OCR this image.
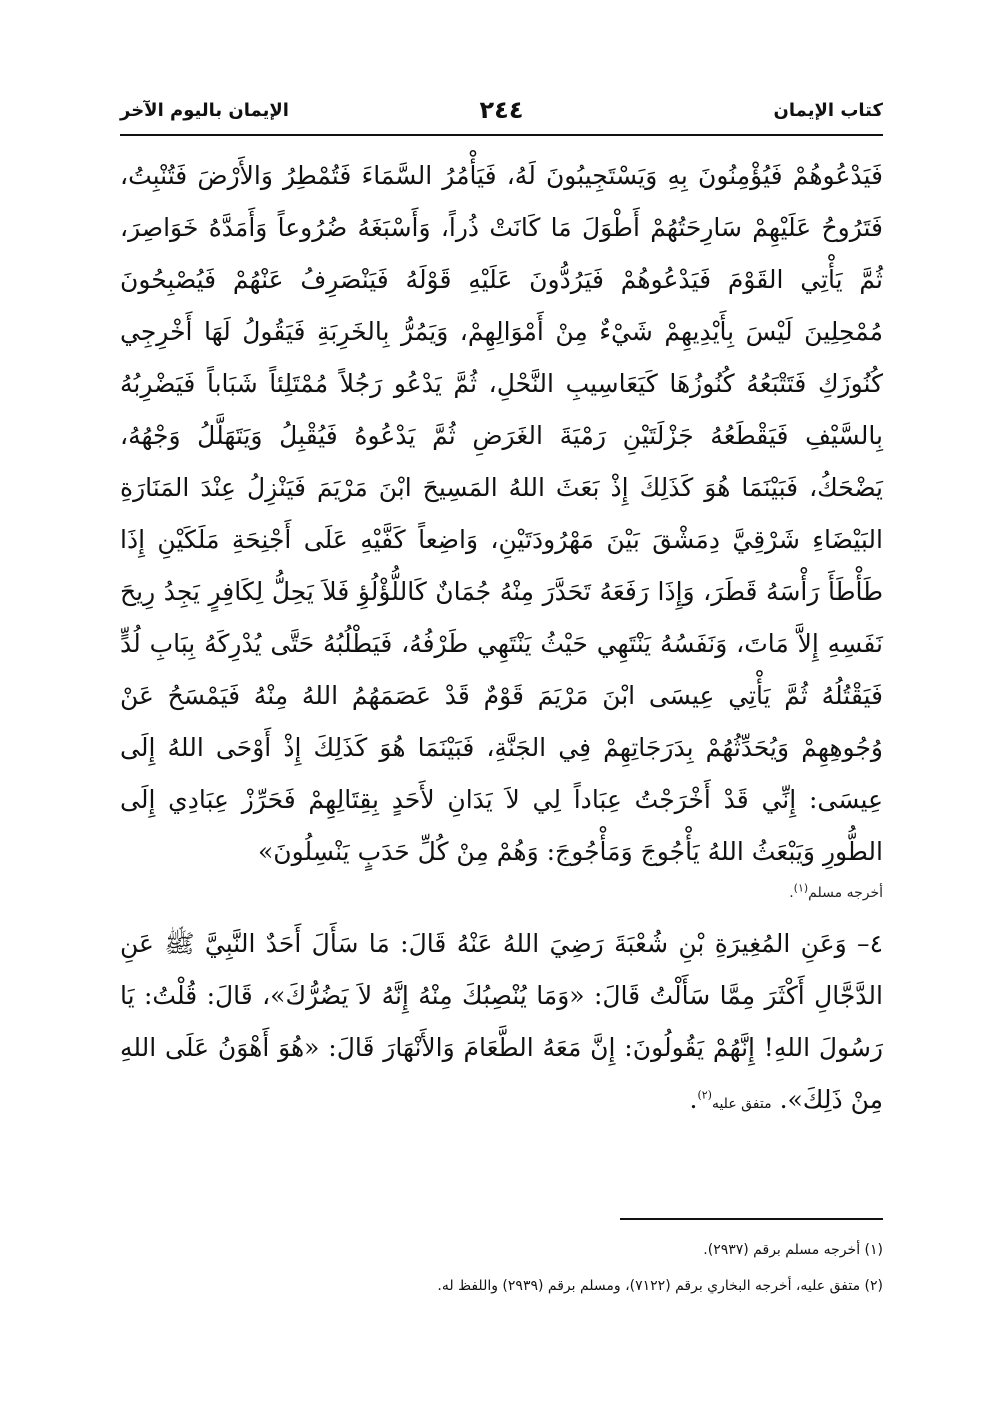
كتاب الإيمان
٢٤٤
الإيمان باليوم الآخر

فَيَدْعُوهُمْ فَيُؤْمِنُونَ بِهِ وَيَسْتَجِيبُونَ لَهُ، فَيَأْمُرُ السَّمَاءَ فَتُمْطِرُ وَالأَرْضَ فَتُنْبِتُ، فَتَرُوحُ عَلَيْهِمْ سَارِحَتُهُمْ أَطْوَلَ مَا كَانَتْ ذُراً، وَأَسْبَغَهُ ضُرُوعاً وَأَمَدَّهُ خَوَاصِرَ، ثُمَّ يَأْتِي القَوْمَ فَيَدْعُوهُمْ فَيَرُدُّونَ عَلَيْهِ قَوْلَهُ فَيَنْصَرِفُ عَنْهُمْ فَيُصْبِحُونَ مُمْحِلِينَ لَيْسَ بِأَيْدِيهِمْ شَيْءٌ مِنْ أَمْوَالِهِمْ، وَيَمُرُّ بِالخَرِبَةِ فَيَقُولُ لَهَا أَخْرِجِي كُنُوزَكِ فَتَتْبَعُهُ كُنُوزُهَا كَيَعَاسِيبِ النَّحْلِ، ثُمَّ يَدْعُو رَجُلاً مُمْتَلِئاً شَبَاباً فَيَضْرِبُهُ بِالسَّيْفِ فَيَقْطَعُهُ جَزْلَتَيْنِ رَمْيَةَ الغَرَضِ ثُمَّ يَدْعُوهُ فَيُقْبِلُ وَيَتَهَلَّلُ وَجْهُهُ، يَضْحَكُ، فَبَيْنَمَا هُوَ كَذَلِكَ إِذْ بَعَثَ اللهُ المَسِيحَ ابْنَ مَرْيَمَ فَيَنْزِلُ عِنْدَ المَنَارَةِ البَيْضَاءِ شَرْقِيَّ دِمَشْقَ بَيْنَ مَهْرُودَتَيْنِ، وَاضِعاً كَفَّيْهِ عَلَى أَجْنِحَةِ مَلَكَيْنِ إِذَا طَأْطَأَ رَأْسَهُ قَطَرَ، وَإِذَا رَفَعَهُ تَحَدَّرَ مِنْهُ جُمَانٌ كَاللُّؤْلُؤِ فَلاَ يَحِلُّ لِكَافِرٍ يَجِدُ رِيحَ نَفَسِهِ إِلاَّ مَاتَ، وَنَفَسُهُ يَنْتَهِي حَيْثُ يَنْتَهِي طَرْفُهُ، فَيَطْلُبُهُ حَتَّى يُدْرِكَهُ بِبَابِ لُدٍّ فَيَقْتُلُهُ ثُمَّ يَأْتِي عِيسَى ابْنَ مَرْيَمَ قَوْمٌ قَدْ عَصَمَهُمُ اللهُ مِنْهُ فَيَمْسَحُ عَنْ وُجُوهِهِمْ وَيُحَدِّثُهُمْ بِدَرَجَاتِهِمْ فِي الجَنَّةِ، فَبَيْنَمَا هُوَ كَذَلِكَ إِذْ أَوْحَى اللهُ إِلَى عِيسَى: إِنِّي قَدْ أَخْرَجْتُ عِبَاداً لِي لاَ يَدَانِ لأَحَدٍ بِقِتَالِهِمْ فَحَرِّزْ عِبَادِي إِلَى الطُّورِ وَيَبْعَثُ اللهُ يَأْجُوجَ وَمَأْجُوجَ: وَهُمْ مِنْ كُلِّ حَدَبٍ يَنْسِلُونَ»

أخرجه مسلم$^{(١)}$.

٤– وَعَنِ المُغِيرَةِ بْنِ شُعْبَةَ رَضِيَ اللهُ عَنْهُ قَالَ: مَا سَأَلَ أَحَدٌ النَّبِيَّ ﷺ عَنِ الدَّجَّالِ أَكْثَرَ مِمَّا سَأَلْتُ قَالَ: «وَمَا يُنْصِبُكَ مِنْهُ إِنَّهُ لاَ يَضُرُّكَ»، قَالَ: قُلْتُ: يَا رَسُولَ اللهِ! إِنَّهُمْ يَقُولُونَ: إِنَّ مَعَهُ الطَّعَامَ وَالأَنْهَارَ قَالَ: «هُوَ أَهْوَنُ عَلَى اللهِ مِنْ ذَلِكَ». متفق عليه$^{(٢)}$.

(١) أخرجه مسلم برقم (٢٩٣٧).
(٢) متفق عليه، أخرجه البخاري برقم (٧١٢٢)، ومسلم برقم (٢٩٣٩) واللفظ له.
